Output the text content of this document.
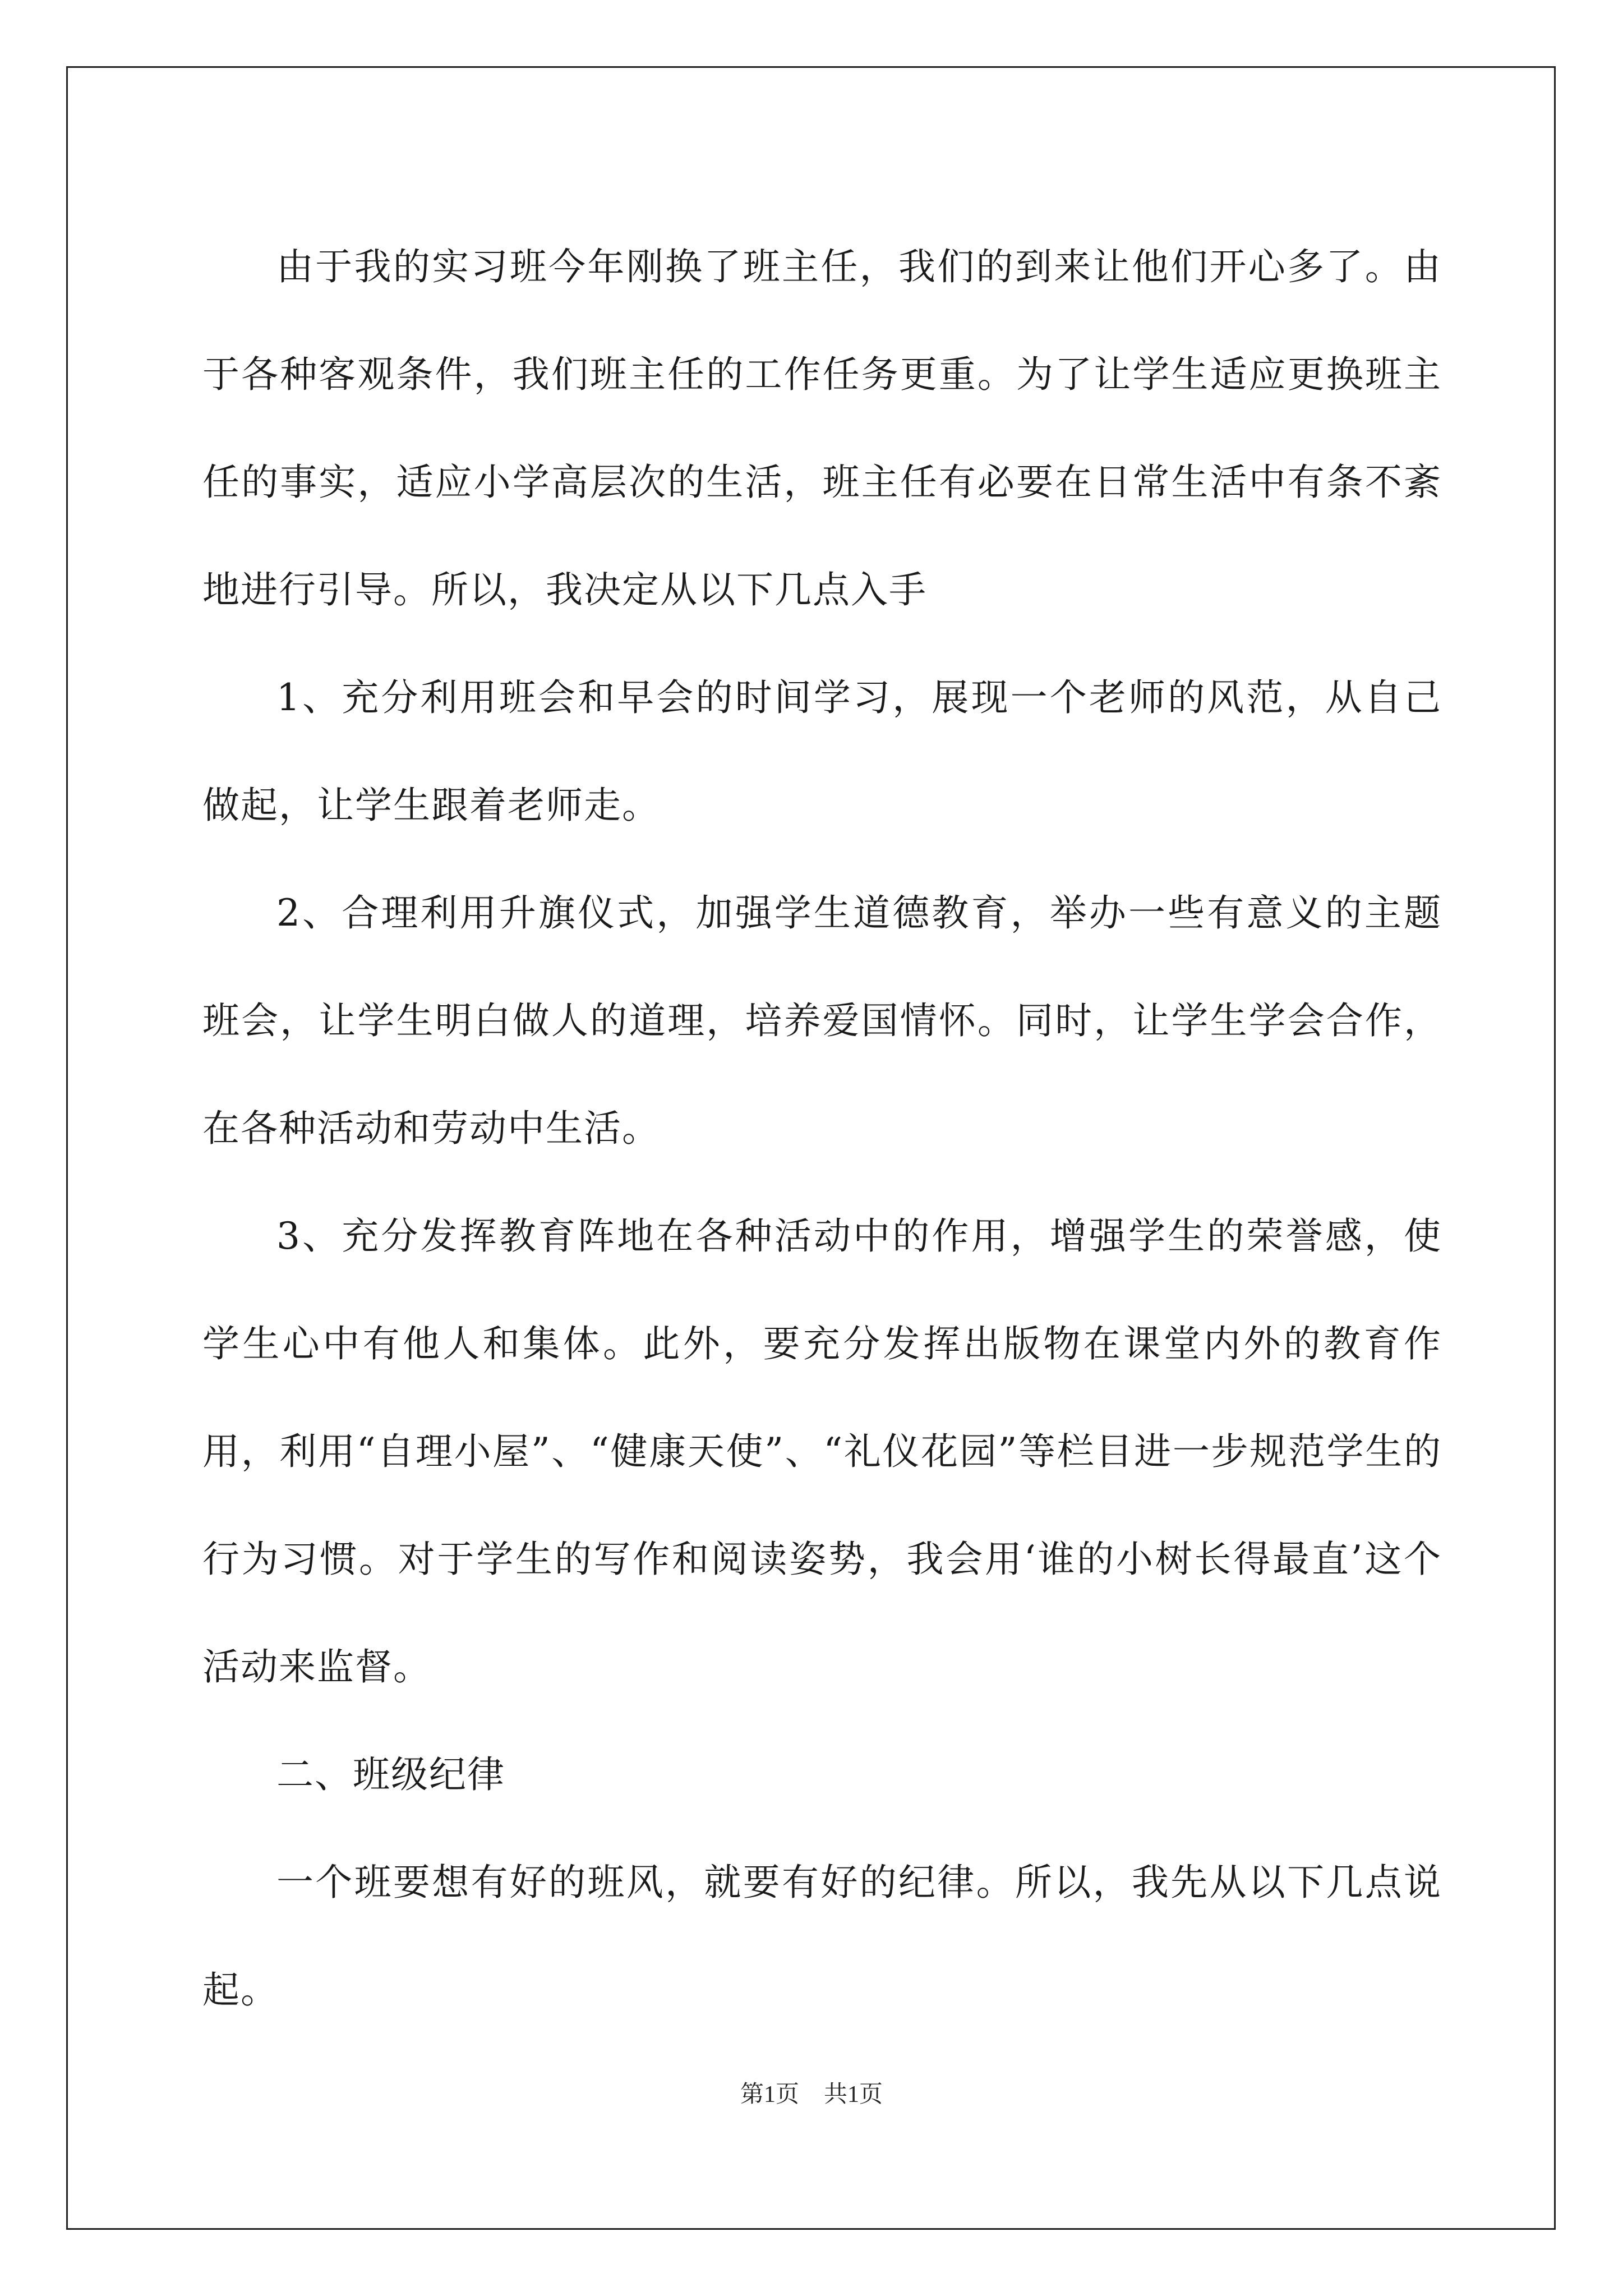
由于我的实习班今年刚换了班主任，我们的到来让他们开心多了。由于各种客观条件，我们班主任的工作任务更重。为了让学生适应更换班主任的事实，适应小学高层次的生活，班主任有必要在日常生活中有条不紊地进行引导。所以，我决定从以下几点入手

1、充分利用班会和早会的时间学习，展现一个老师的风范，从自己做起，让学生跟着老师走。

2、合理利用升旗仪式，加强学生道德教育，举办一些有意义的主题班会，让学生明白做人的道理，培养爱国情怀。同时，让学生学会合作，在各种活动和劳动中生活。

3、充分发挥教育阵地在各种活动中的作用，增强学生的荣誉感，使学生心中有他人和集体。此外，要充分发挥出版物在课堂内外的教育作用，利用“自理小屋”、“健康天使”、“礼仪花园”等栏目进一步规范学生的行为习惯。对于学生的写作和阅读姿势，我会用‘谁的小树长得最直’这个活动来监督。

二、班级纪律

一个班要想有好的班风，就要有好的纪律。所以，我先从以下几点说起。

第1页 共1页
